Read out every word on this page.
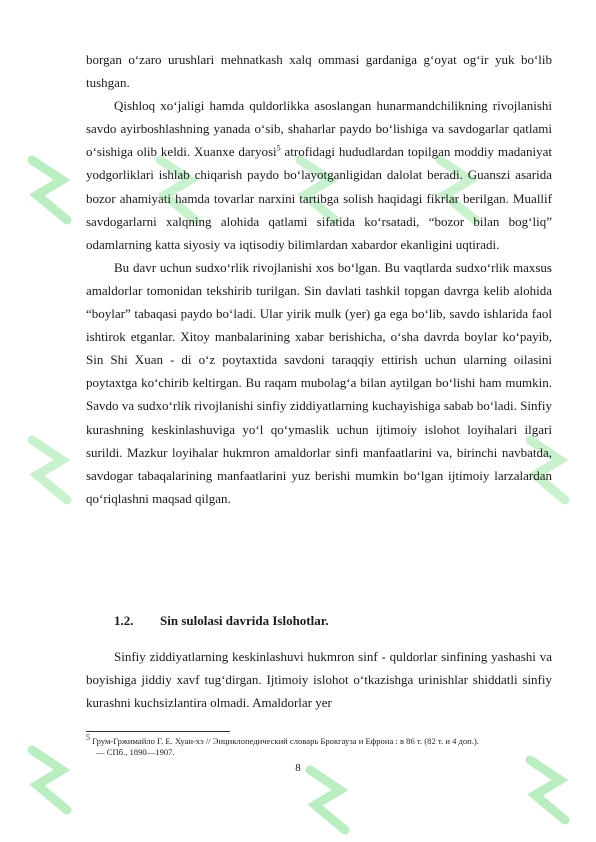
borgan o‘zaro urushlari mehnatkash xalq ommasi gardaniga g‘oyat og‘ir yuk bo‘lib tushgan.

Qishloq xo‘jaligi hamda quldorlikka asoslangan hunarmandchilikning rivojlanishi savdo ayirboshlashning yanada o‘sib, shaharlar paydo bo‘lishiga va savdogarlar qatlami o‘sishiga olib keldi. Xuanxe daryosi$^5$ atrofidagi hududlardan topilgan moddiy madaniyat yodgorliklari ishlab chiqarish paydo bo‘layotganligidan dalolat beradi. Guanszi asarida bozor ahamiyati hamda tovarlar narxini tartibga solish haqidagi fikrlar berilgan. Muallif savdogarlarni xalqning alohida qatlami sifatida ko‘rsatadi, “bozor bilan bog‘liq” odamlarning katta siyosiy va iqtisodiy bilimlardan xabardor ekanligini uqtiradi.

Bu davr uchun sudxo‘rlik rivojlanishi xos bo‘lgan. Bu vaqtlarda sudxo‘rlik maxsus amaldorlar tomonidan tekshirib turilgan. Sin davlati tashkil topgan davrga kelib alohida “boylar” tabaqasi paydo bo‘ladi. Ular yirik mulk (yer) ga ega bo‘lib, savdo ishlarida faol ishtirok etganlar. Xitoy manbalarining xabar berishicha, o‘sha davrda boylar ko‘payib, Sin Shi Xuan - di o‘z poytaxtida savdoni taraqqiy ettirish uchun ularning oilasini poytaxtga ko‘chirib keltirgan. Bu raqam mubolag‘a bilan aytilgan bo‘lishi ham mumkin. Savdo va sudxo‘rlik rivojlanishi sinfiy ziddiyatlarning kuchayishiga sabab bo‘ladi. Sinfiy kurashning keskinlashuviga yo‘l qo‘ymaslik uchun ijtimoiy islohot loyihalari ilgari surildi. Mazkur loyihalar hukmron amaldorlar sinfi manfaatlarini va, birinchi navbatda, savdogar tabaqalarining manfaatlarini yuz berishi mumkin bo‘lgan ijtimoiy larzalardan qo‘riqlashni maqsad qilgan.

1.2. Sin sulolasi davrida Islohotlar.

Sinfiy ziddiyatlarning keskinlashuvi hukmron sinf - quldorlar sinfining yashashi va boyishiga jiddiy xavf tug‘dirgan. Ijtimoiy islohot o‘tkazishga urinishlar shiddatli sinfiy kurashni kuchsizlantira olmadi. Amaldorlar yer

$^5$ Грум-Гржимайло Г. Е. Хуан-хэ // Энциклопедический словарь Брокгауза и Ефрона : в 86 т. (82 т. и 4 доп.).
— СПб., 1890—1907.
8
